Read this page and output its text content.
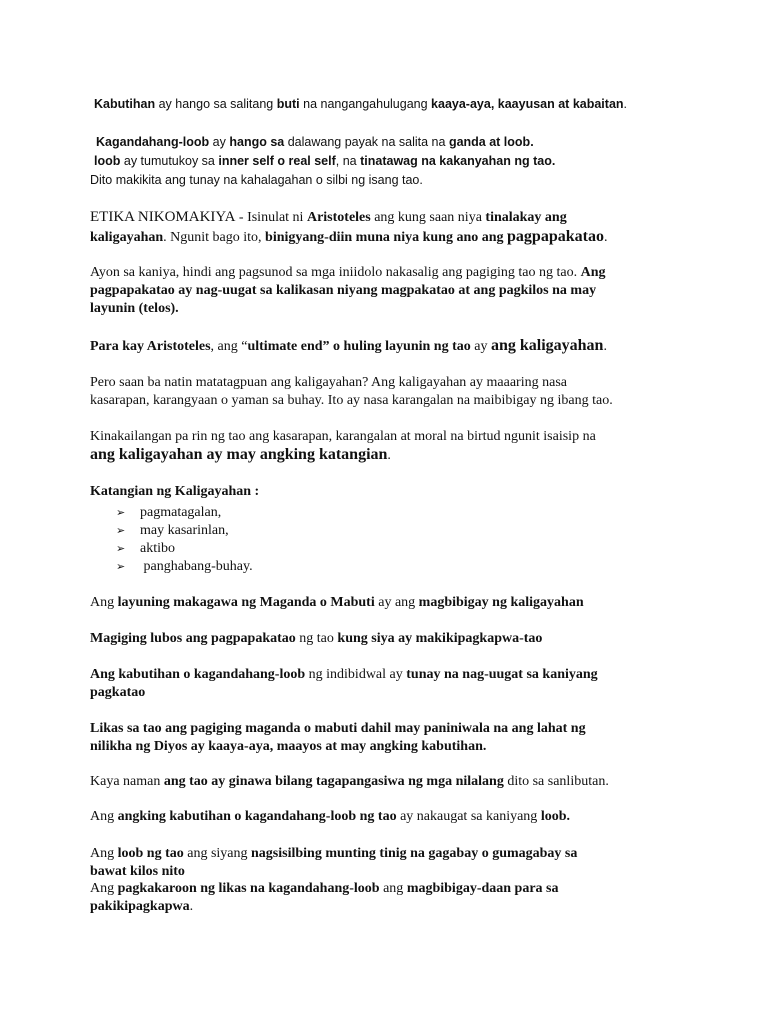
Kabutihan ay hango sa salitang buti na nangangahulugang kaaya-aya, kaayusan at kabaitan.
Kagandahang-loob ay hango sa dalawang payak na salita na ganda at loob.
loob ay tumutukoy sa inner self o real self, na tinatawag na kakanyahan ng tao.
Dito makikita ang tunay na kahalagahan o silbi ng isang tao.
ETIKA NIKOMAKIYA - Isinulat ni Aristoteles ang kung saan niya tinalakay ang
kaligayahan. Ngunit bago ito, binigyang-diin muna niya kung ano ang pagpapakatao.
Ayon sa kaniya, hindi ang pagsunod sa mga iniidolo nakasalig ang pagiging tao ng tao. Ang
pagpapakatao ay nag-uugat sa kalikasan niyang magpakatao at ang pagkilos na may
layunin (telos).
Para kay Aristoteles, ang “ultimate end” o huling layunin ng tao ay ang kaligayahan.
Pero saan ba natin matatagpuan ang kaligayahan? Ang kaligayahan ay maaaring nasa
kasarapan, karangyaan o yaman sa buhay. Ito ay nasa karangalan na maibibigay ng ibang tao.
Kinakailangan pa rin ng tao ang kasarapan, karangalan at moral na birtud ngunit isaisip na
ang kaligayahan ay may angking katangian.
Katangian ng Kaligayahan :
➢ pagmatagalan,
➢ may kasarinlan,
➢ aktibo
➢ panghabang-buhay.
Ang layuning makagawa ng Maganda o Mabuti ay ang magbibigay ng kaligayahan
Magiging lubos ang pagpapakatao ng tao kung siya ay makikipagkapwa-tao
Ang kabutihan o kagandahang-loob ng indibidwal ay tunay na nag-uugat sa kaniyang
pagkatao
Likas sa tao ang pagiging maganda o mabuti dahil may paniniwala na ang lahat ng
nilikha ng Diyos ay kaaya-aya, maayos at may angking kabutihan.
Kaya naman ang tao ay ginawa bilang tagapangasiwa ng mga nilalang dito sa sanlibutan.
Ang angking kabutihan o kagandahang-loob ng tao ay nakaugat sa kaniyang loob.
Ang loob ng tao ang siyang nagsisilbing munting tinig na gagabay o gumagabay sa
bawat kilos nito
Ang pagkakaroon ng likas na kagandahang-loob ang magbibigay-daan para sa
pakikipagkapwa.
